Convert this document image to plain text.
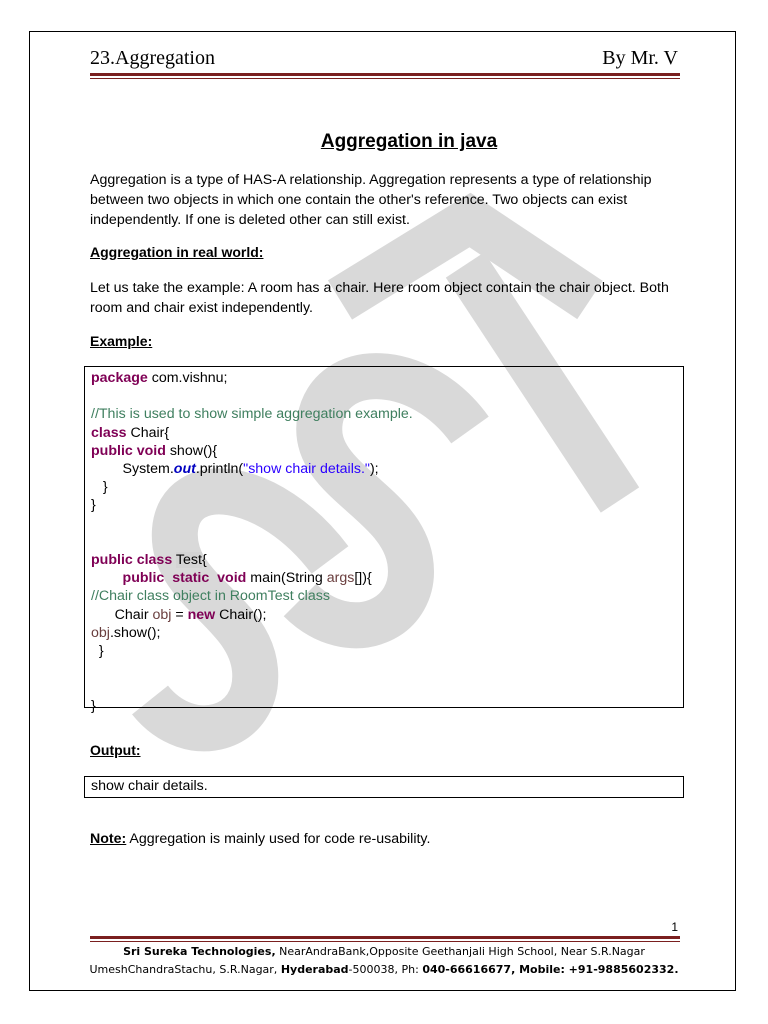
23.Aggregation	By Mr. V
Aggregation in java
Aggregation is a type of HAS-A relationship. Aggregation represents a type of relationship between two objects in which one contain the other's reference. Two objects can exist independently. If one is deleted other can still exist.
Aggregation in real world:
Let us take the example: A room has a chair. Here room object contain the chair object. Both room and chair exist independently.
Example:
package com.vishnu;

//This is used to show simple aggregation example.
class Chair{
public void show(){
System.out.println("show chair details.");
}
}

public class Test{
public  static  void main(String args[]){
//Chair class object in RoomTest class
Chair obj = new Chair();
obj.show();
}

}
Output:
show chair details.
Note: Aggregation is mainly used for code re-usability.
1
Sri Sureka Technologies, NearAndraBank,Opposite Geethanjali High School, Near S.R.Nagar
UmeshChandraStachu, S.R.Nagar, Hyderabad-500038, Ph: 040-66616677, Mobile: +91-9885602332.
